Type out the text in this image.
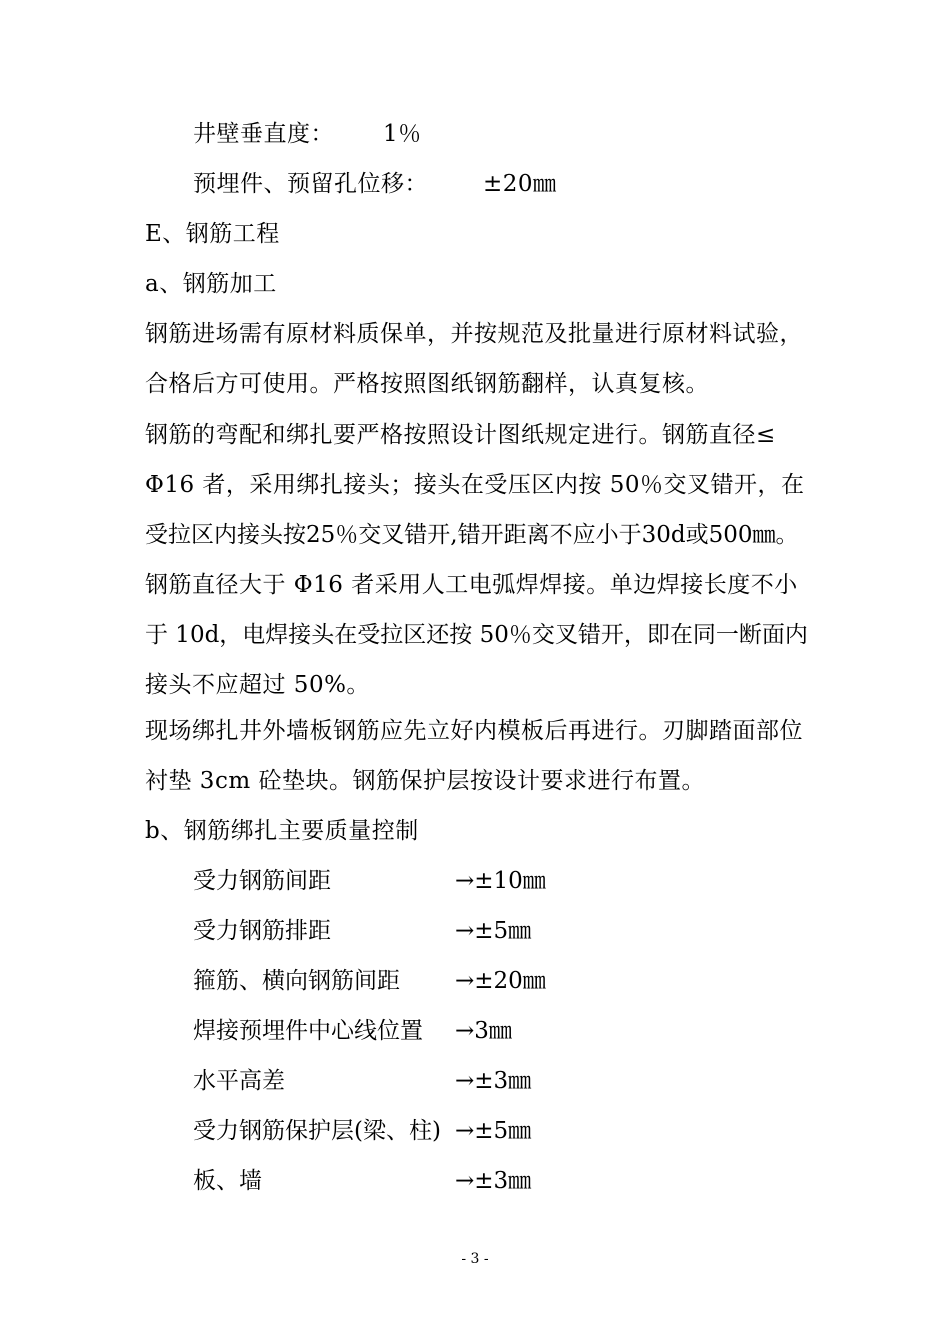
井壁垂直度： 1％
预埋件、预留孔位移： ±20㎜
E、钢筋工程
a、钢筋加工
钢筋进场需有原材料质保单，并按规范及批量进行原材料试验，
合格后方可使用。严格按照图纸钢筋翻样，认真复核。
钢筋的弯配和绑扎要严格按照设计图纸规定进行。钢筋直径≤
Φ16 者，采用绑扎接头；接头在受压区内按 50％交叉错开，在
受拉区内接头按25％交叉错开,错开距离不应小于30d或500㎜。
钢筋直径大于 Φ16 者采用人工电弧焊焊接。单边焊接长度不小
于 10d，电焊接头在受拉区还按 50％交叉错开，即在同一断面内
接头不应超过 50%。
现场绑扎井外墙板钢筋应先立好内模板后再进行。刃脚踏面部位
衬垫 3cm 砼垫块。钢筋保护层按设计要求进行布置。
b、钢筋绑扎主要质量控制
受力钢筋间距	→±10㎜
受力钢筋排距	→±5㎜
箍筋、横向钢筋间距 →±20㎜
焊接预埋件中心线位置 →3㎜
水平高差	→±3㎜
受力钢筋保护层(梁、柱) →±5㎜
板、墙	→±3㎜
- 3 -
